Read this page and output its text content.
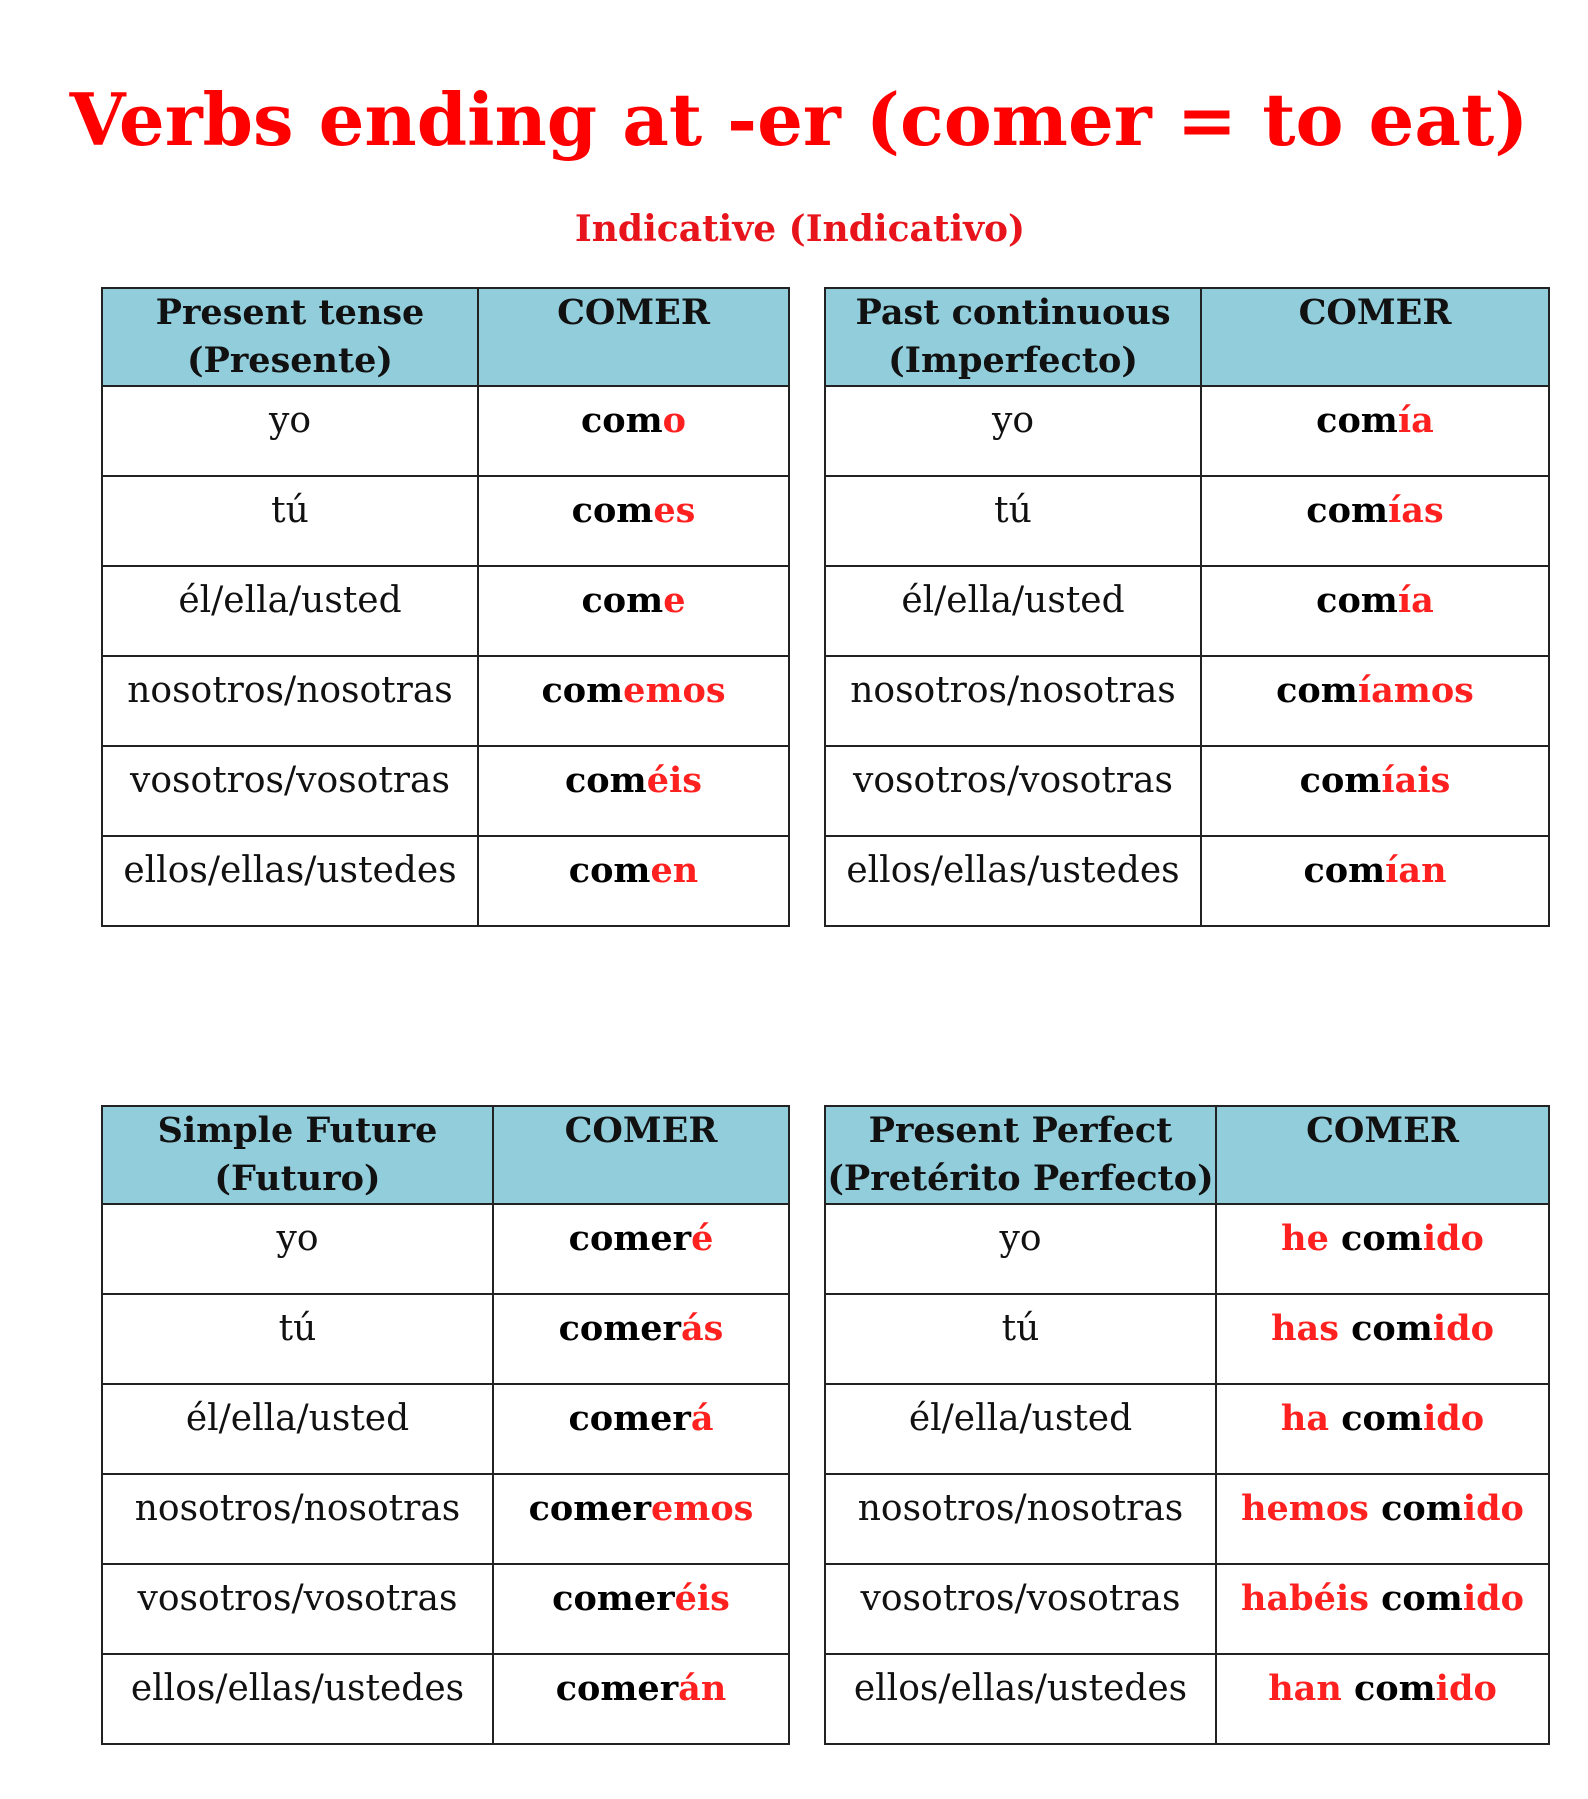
Verbs ending at -er (comer = to eat)
Indicative (Indicativo)
Present tense
(Presente)	COMER
yo	como
tú	comes
él/ella/usted	come
nosotros/nosotras	comemos
vosotros/vosotras	coméis
ellos/ellas/ustedes	comen
Past continuous
(Imperfecto)	COMER
yo	comía
tú	comías
él/ella/usted	comía
nosotros/nosotras	comíamos
vosotros/vosotras	comíais
ellos/ellas/ustedes	comían
Simple Future
(Futuro)	COMER
yo	comeré
tú	comerás
él/ella/usted	comerá
nosotros/nosotras	comeremos
vosotros/vosotras	comeréis
ellos/ellas/ustedes	comerán
Present Perfect
(Pretérito Perfecto)	COMER
yo	he comido
tú	has comido
él/ella/usted	ha comido
nosotros/nosotras	hemos comido
vosotros/vosotras	habéis comido
ellos/ellas/ustedes	han comido
